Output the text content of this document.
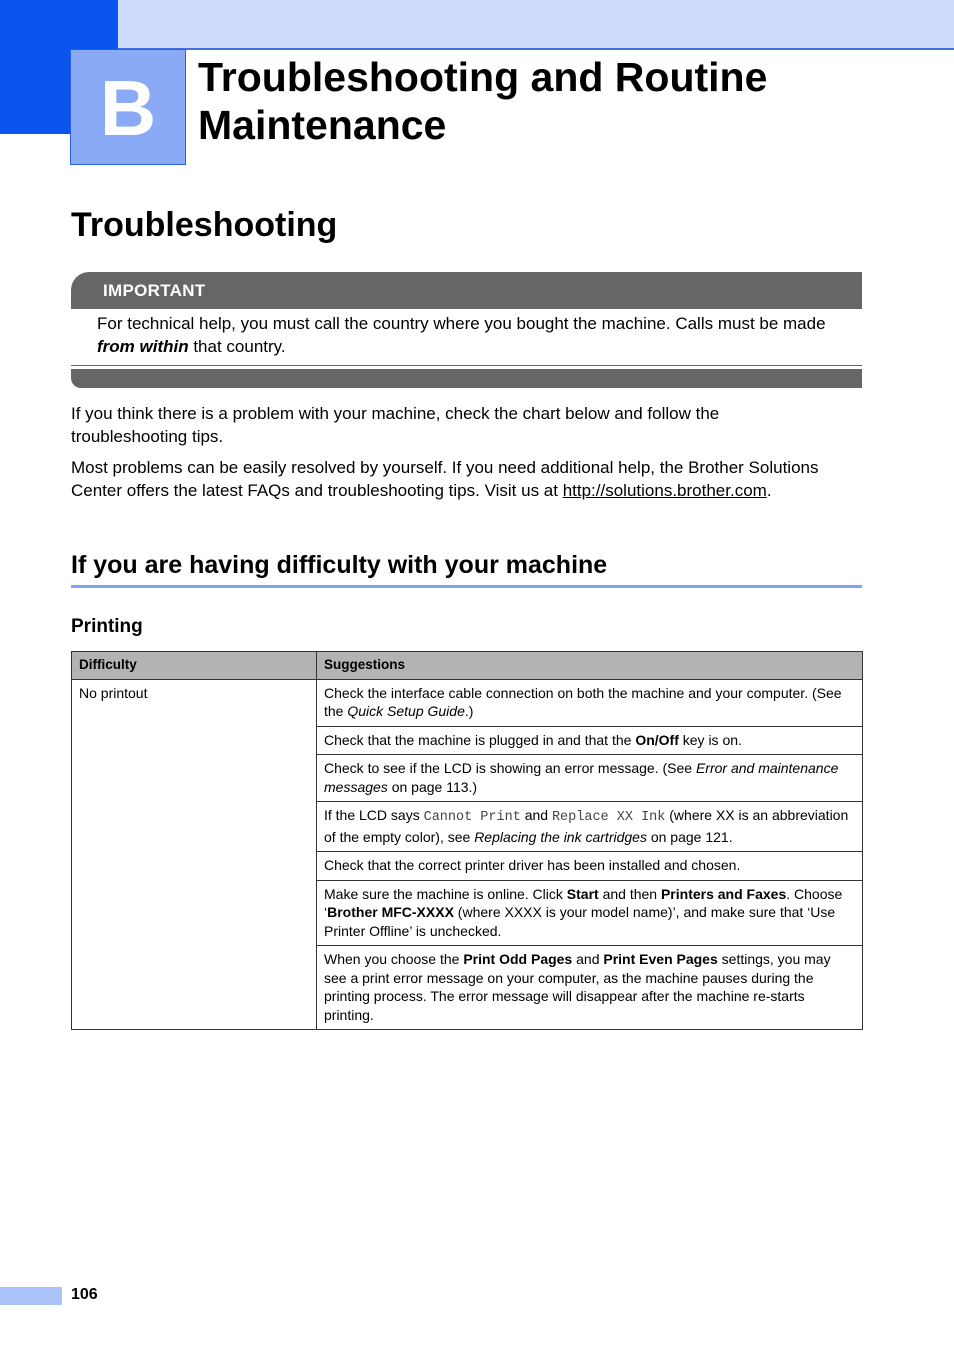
B	Troubleshooting and Routine Maintenance
Troubleshooting
IMPORTANT

For technical help, you must call the country where you bought the machine. Calls must be made from within that country.

If you think there is a problem with your machine, check the chart below and follow the troubleshooting tips.

Most problems can be easily resolved by yourself. If you need additional help, the Brother Solutions Center offers the latest FAQs and troubleshooting tips. Visit us at http://solutions.brother.com.

If you are having difficulty with your machine
Printing
Difficulty	Suggestions
No printout	Check the interface cable connection on both the machine and your computer. (See the Quick Setup Guide.)
	Check that the machine is plugged in and that the On/Off key is on.
	Check to see if the LCD is showing an error message. (See Error and maintenance messages on page 113.)
	If the LCD says Cannot Print and Replace XX Ink (where XX is an abbreviation of the empty color), see Replacing the ink cartridges on page 121.
	Check that the correct printer driver has been installed and chosen.
	Make sure the machine is online. Click Start and then Printers and Faxes. Choose ‘Brother MFC-XXXX (where XXXX is your model name)’, and make sure that ‘Use Printer Offline’ is unchecked.
	When you choose the Print Odd Pages and Print Even Pages settings, you may see a print error message on your computer, as the machine pauses during the printing process. The error message will disappear after the machine re-starts printing.
106
